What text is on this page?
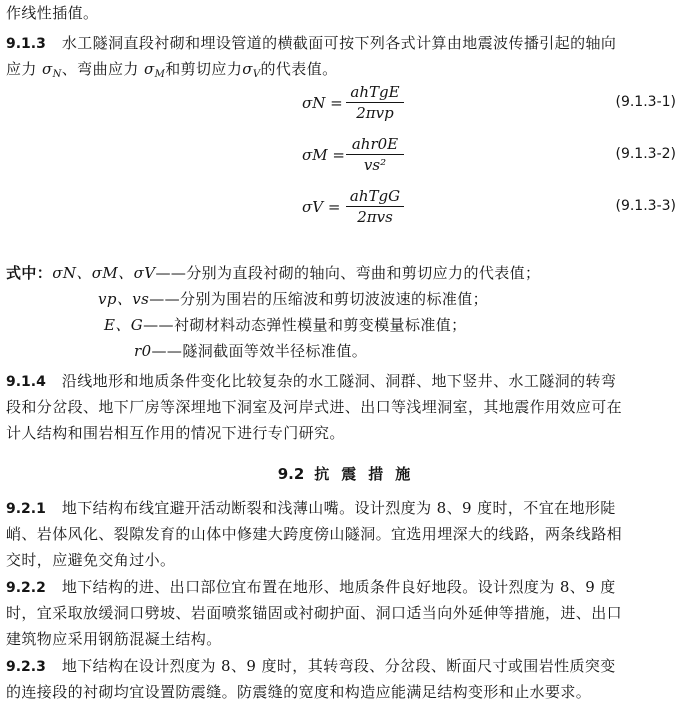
作线性插值。
9.1.3 水工隧洞直段衬砌和埋设管道的横截面可按下列各式计算由地震波传播引起的轴向
应力 $\sigma_N$、弯曲应力 $\sigma_M$和剪切应力$\sigma_V$的代表值。
σN =
ahTgE
2πvp
(9.1.3-1)
σM =
ahr0E
vs²
(9.1.3-2)
σV =
ahTgG
2πvs
(9.1.3-3)
式中：σN、σM、σV——分别为直段衬砌的轴向、弯曲和剪切应力的代表值；
vp、vs——分别为围岩的压缩波和剪切波波速的标准值；
E、G——衬砌材料动态弹性模量和剪变模量标准值；
r0——隧洞截面等效半径标准值。
9.1.4 沿线地形和地质条件变化比较复杂的水工隧洞、洞群、地下竖井、水工隧洞的转弯
段和分岔段、地下厂房等深埋地下洞室及河岸式进、出口等浅埋洞室，其地震作用效应可在
计人结构和围岩相互作用的情况下进行专门研究。
9.2 抗震措施
9.2.1 地下结构布线宜避开活动断裂和浅薄山嘴。设计烈度为 8、9 度时，不宜在地形陡
峭、岩体风化、裂隙发育的山体中修建大跨度傍山隧洞。宜选用埋深大的线路，两条线路相
交时，应避免交角过小。
9.2.2 地下结构的进、出口部位宜布置在地形、地质条件良好地段。设计烈度为 8、9 度
时，宜采取放缓洞口劈坡、岩面喷浆锚固或衬砌护面、洞口适当向外延伸等措施，进、出口
建筑物应采用钢筋混凝土结构。
9.2.3 地下结构在设计烈度为 8、9 度时，其转弯段、分岔段、断面尺寸或围岩性质突变
的连接段的衬砌均宜设置防震缝。防震缝的宽度和构造应能满足结构变形和止水要求。
